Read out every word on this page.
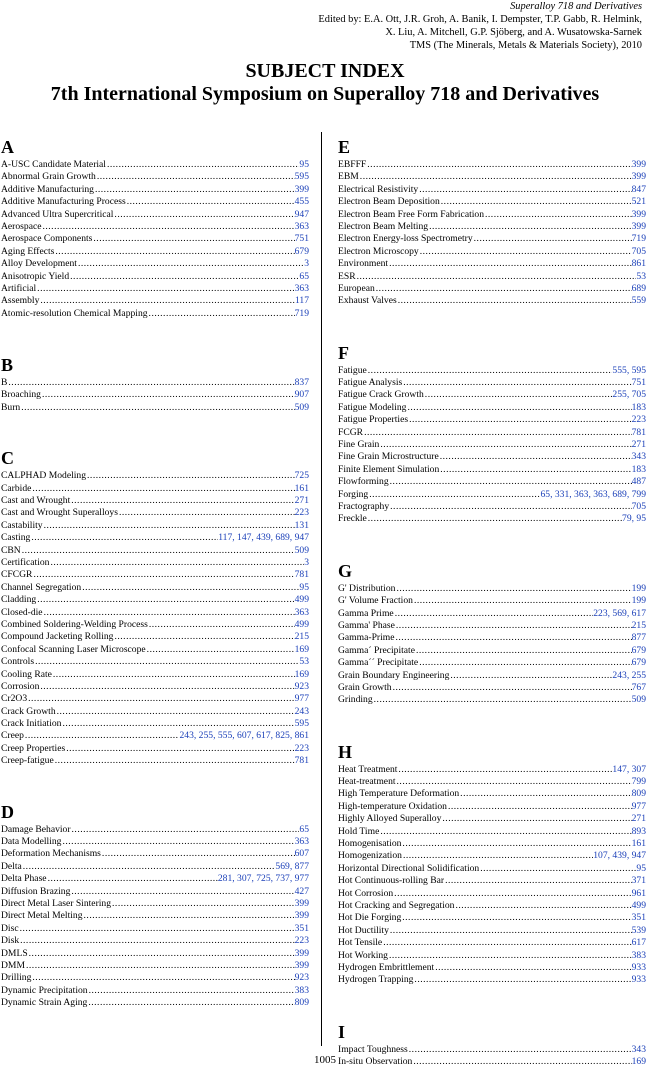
Superalloy 718 and Derivatives
Edited by: E.A. Ott, J.R. Groh, A. Banik, I. Dempster, T.P. Gabb, R. Helmink,
X. Liu, A. Mitchell, G.P. Sjöberg, and A. Wusatowska-Sarnek
TMS (The Minerals, Metals & Materials Society), 2010
SUBJECT INDEX
7th International Symposium on Superalloy 718 and Derivatives
A
A-USC Candidate Material .....	95
Abnormal Grain Growth .....	595
Additive Manufacturing .....	399
Additive Manufacturing Process .....	455
Advanced Ultra Supercritical .....	947
Aerospace .....	363
Aerospace Components .....	751
Aging Effects .....	679
Alloy Development .....	3
Anisotropic Yield .....	65
Artificial .....	363
Assembly .....	117
Atomic-resolution Chemical Mapping .....	719
B
B .....	837
Broaching .....	907
Burn .....	509
C
CALPHAD Modeling .....	725
Carbide .....	161
Cast and Wrought .....	271
Cast and Wrought Superalloys .....	223
Castability .....	131
Casting .....	117, 147, 439, 689, 947
CBN .....	509
Certification .....	3
CFCGR .....	781
Channel Segregation .....	95
Cladding .....	499
Closed-die .....	363
Combined Soldering-Welding Process .....	499
Compound Jacketing Rolling .....	215
Confocal Scanning Laser Microscope .....	169
Controls .....	53
Cooling Rate .....	169
Corrosion .....	923
Cr2O3 .....	977
Crack Growth .....	243
Crack Initiation .....	595
Creep .....	243, 255, 555, 607, 617, 825, 861
Creep Properties .....	223
Creep-fatigue .....	781
D
Damage Behavior .....	65
Data Modelling .....	363
Deformation Mechanisms .....	607
Delta .....	569, 877
Delta Phase .....	281, 307, 725, 737, 977
Diffusion Brazing .....	427
Direct Metal Laser Sintering .....	399
Direct Metal Melting .....	399
Disc .....	351
Disk .....	223
DMLS .....	399
DMM .....	399
Drilling .....	923
Dynamic Precipitation .....	383
Dynamic Strain Aging .....	809
E
EBFFF .....	399
EBM .....	399
Electrical Resistivity .....	847
Electron Beam Deposition .....	521
Electron Beam Free Form Fabrication .....	399
Electron Beam Melting .....	399
Electron Energy-loss Spectrometry .....	719
Electron Microscopy .....	705
Environment .....	861
ESR .....	53
European .....	689
Exhaust Valves .....	559
F
Fatigue .....	555, 595
Fatigue Analysis .....	751
Fatigue Crack Growth .....	255, 705
Fatigue Modeling .....	183
Fatigue Properties .....	223
FCGR .....	781
Fine Grain .....	271
Fine Grain Microstructure .....	343
Finite Element Simulation .....	183
Flowforming .....	487
Forging .....	65, 331, 363, 363, 689, 799
Fractography .....	705
Freckle .....	79, 95
G
G' Distribution .....	199
G' Volume Fraction .....	199
Gamma Prime .....	223, 569, 617
Gamma' Phase .....	215
Gamma-Prime .....	877
Gamma´ Precipitate .....	679
Gamma´´ Precipitate .....	679
Grain Boundary Engineering .....	243, 255
Grain Growth .....	767
Grinding .....	509
H
Heat Treatment .....	147, 307
Heat-treatment .....	799
High Temperature Deformation .....	809
High-temperature Oxidation .....	977
Highly Alloyed Superalloy .....	271
Hold Time .....	893
Homogenisation .....	161
Homogenization .....	107, 439, 947
Horizontal Directional Solidification .....	95
Hot Continuous-rolling Bar .....	371
Hot Corrosion .....	961
Hot Cracking and Segregation .....	499
Hot Die Forging .....	351
Hot Ductility .....	539
Hot Tensile .....	617
Hot Working .....	383
Hydrogen Embrittlement .....	933
Hydrogen Trapping .....	933
I
Impact Toughness .....	343
In-situ Observation .....	169
1005
